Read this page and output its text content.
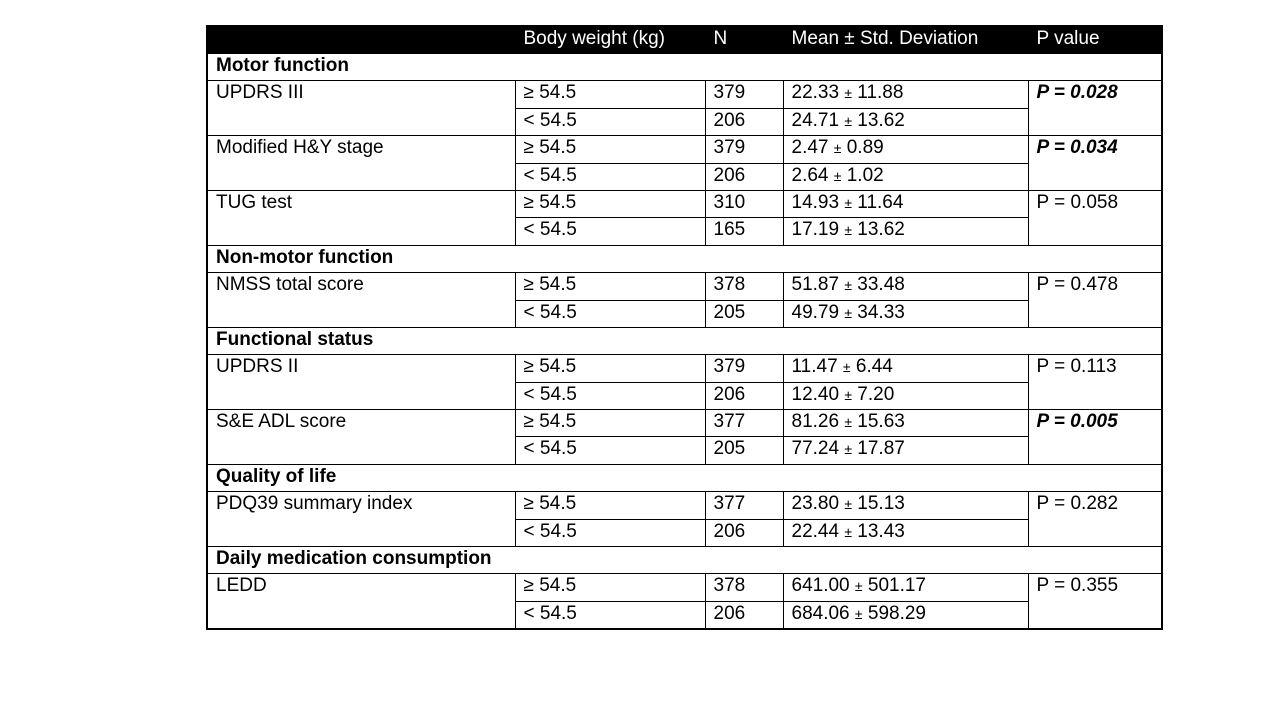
	Body weight (kg)	N	Mean ± Std. Deviation	P value
Motor function				
UPDRS III	≥ 54.5	379	22.33 ± 11.88	P = 0.028
	< 54.5	206	24.71 ± 13.62	
Modified H&Y stage	≥ 54.5	379	2.47 ± 0.89	P = 0.034
	< 54.5	206	2.64 ± 1.02	
TUG test	≥ 54.5	310	14.93 ± 11.64	P = 0.058
	< 54.5	165	17.19 ± 13.62	
Non-motor function				
NMSS total score	≥ 54.5	378	51.87 ± 33.48	P = 0.478
	< 54.5	205	49.79 ± 34.33	
Functional status				
UPDRS II	≥ 54.5	379	11.47 ± 6.44	P = 0.113
	< 54.5	206	12.40 ± 7.20	
S&E ADL score	≥ 54.5	377	81.26 ± 15.63	P = 0.005
	< 54.5	205	77.24 ± 17.87	
Quality of life				
PDQ39 summary index	≥ 54.5	377	23.80 ± 15.13	P = 0.282
	< 54.5	206	22.44 ± 13.43	
Daily medication consumption				
LEDD	≥ 54.5	378	641.00 ± 501.17	P = 0.355
	< 54.5	206	684.06 ± 598.29	
